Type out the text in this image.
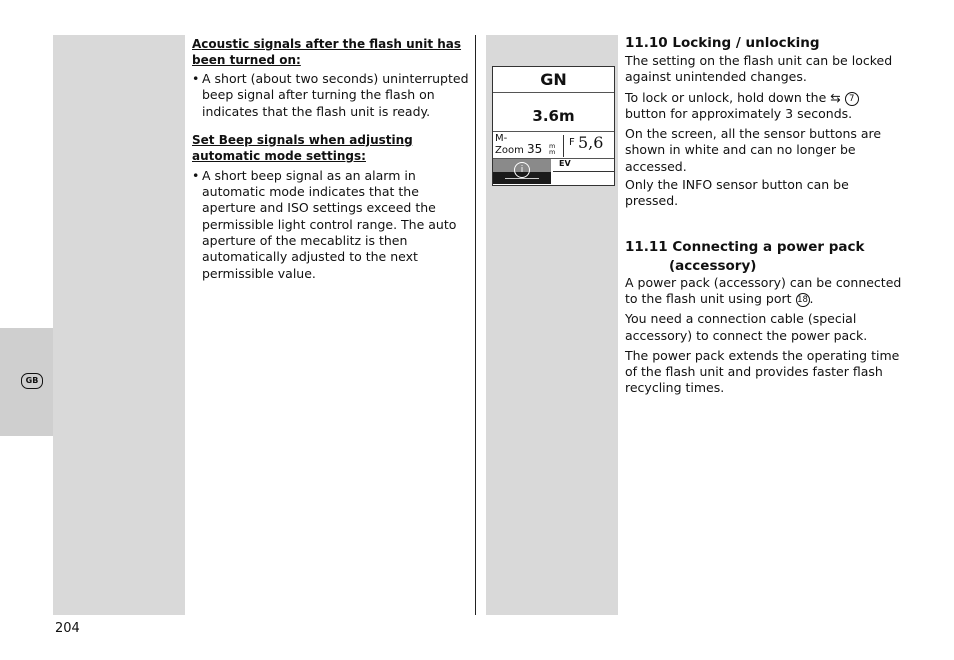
GB

Acoustic signals after the flash unit has been turned on:

• A short (about two seconds) uninterrupted beep signal after turning the flash on indicates that the flash unit is ready.

Set Beep signals when adjusting automatic mode settings:

• A short beep signal as an alarm in automatic mode indicates that the aperture and ISO settings exceed the permissible light control range. The auto aperture of the mecablitz is then automatically adjusted to the next permissible value.

GN
3.6m
M-
Zoom 35 m
m
F 5,6
i
EV

11.10 Locking / unlocking

The setting on the flash unit can be locked against unintended changes.

To lock or unlock, hold down the ⇆ 7 button for approximately 3 seconds.

On the screen, all the sensor buttons are shown in white and can no longer be accessed.

Only the INFO sensor button can be pressed.

11.11 Connecting a power pack
(accessory)

A power pack (accessory) can be connected to the flash unit using port 18 .

You need a connection cable (special accessory) to connect the power pack.

The power pack extends the operating time of the flash unit and provides faster flash recycling times.

204
